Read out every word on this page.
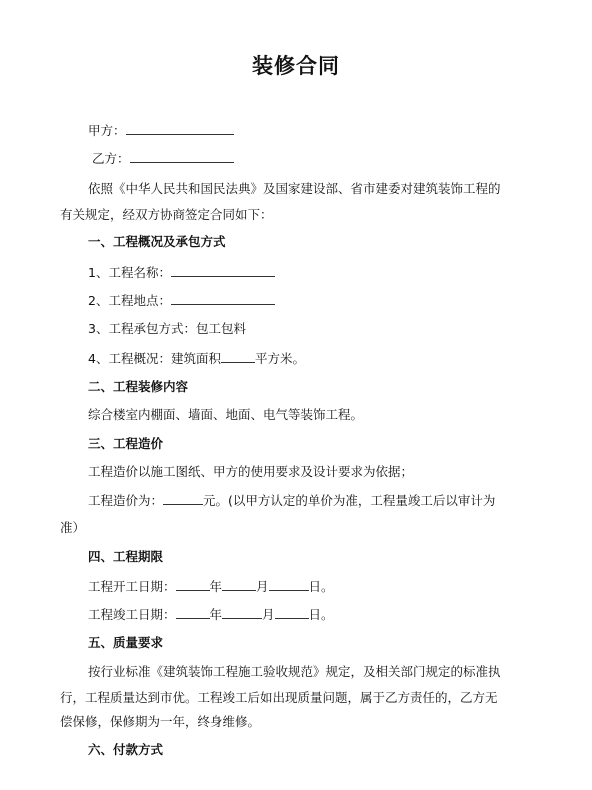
装修合同
甲方：
乙方：
依照《中华人民共和国民法典》及国家建设部、省市建委对建筑装饰工程的
有关规定，经双方协商签定合同如下：
一、工程概况及承包方式
1、工程名称：
2、工程地点：
3、工程承包方式：包工包料
4、工程概况：建筑面积	平方米。
二、工程装修内容
综合楼室内棚面、墙面、地面、电气等装饰工程。
三、工程造价
工程造价以施工图纸、甲方的使用要求及设计要求为依据；
工程造价为：	元。(以甲方认定的单价为准，工程量竣工后以审计为
准）
四、工程期限
工程开工日期：	年	月	日。
工程竣工日期：	年	月	日。
五、质量要求
按行业标准《建筑装饰工程施工验收规范》规定，及相关部门规定的标准执
行，工程质量达到市优。工程竣工后如出现质量问题，属于乙方责任的，乙方无
偿保修，保修期为一年，终身维修。
六、付款方式
